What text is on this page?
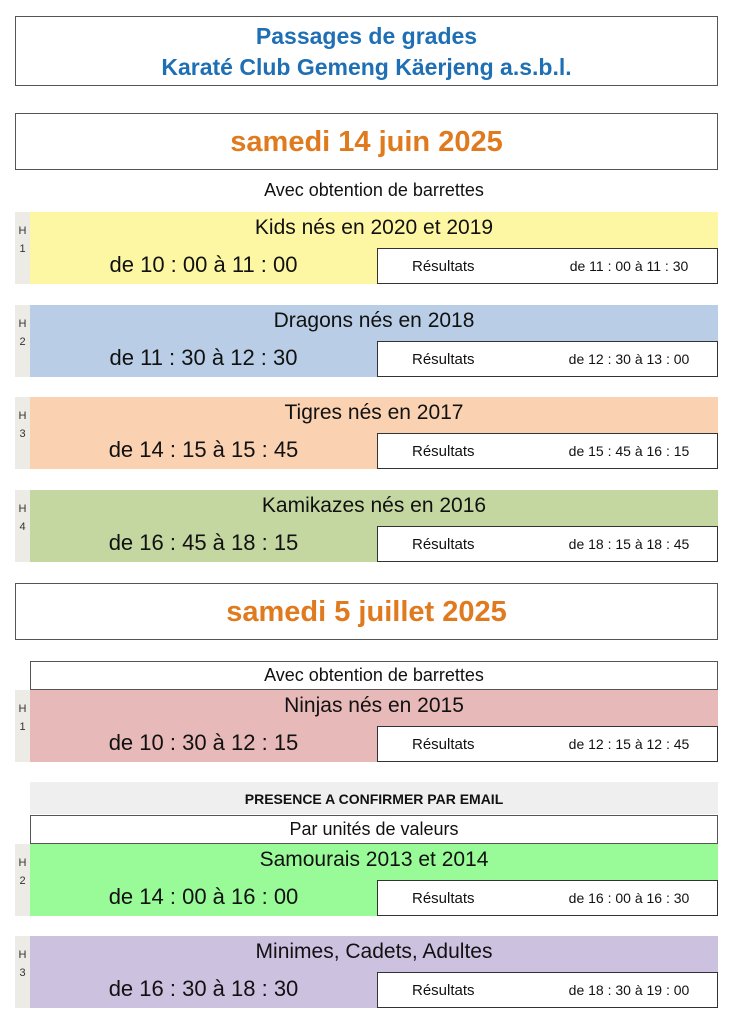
Passages de grades
Karaté Club Gemeng Käerjeng a.s.b.l.
samedi 14 juin 2025
Avec obtention de barrettes
H
1
Kids nés en 2020 et 2019
de 10 : 00 à 11 : 00	Résultats	de 11 : 00 à 11 : 30
H
2
Dragons nés en 2018
de 11 : 30 à 12 : 30	Résultats	de 12 : 30 à 13 : 00
H
3
Tigres nés en 2017
de 14 : 15 à 15 : 45	Résultats	de 15 : 45 à 16 : 15
H
4
Kamikazes nés en 2016
de 16 : 45 à 18 : 15	Résultats	de 18 : 15 à 18 : 45
samedi 5 juillet 2025
Avec obtention de barrettes
H
1
Ninjas nés en 2015
de 10 : 30 à 12 : 15	Résultats	de 12 : 15 à 12 : 45
PRESENCE A CONFIRMER PAR EMAIL
Par unités de valeurs
H
2
Samourais 2013 et 2014
de 14 : 00 à 16 : 00	Résultats	de 16 : 00 à 16 : 30
H
3
Minimes, Cadets, Adultes
de 16 : 30 à 18 : 30	Résultats	de 18 : 30 à 19 : 00
